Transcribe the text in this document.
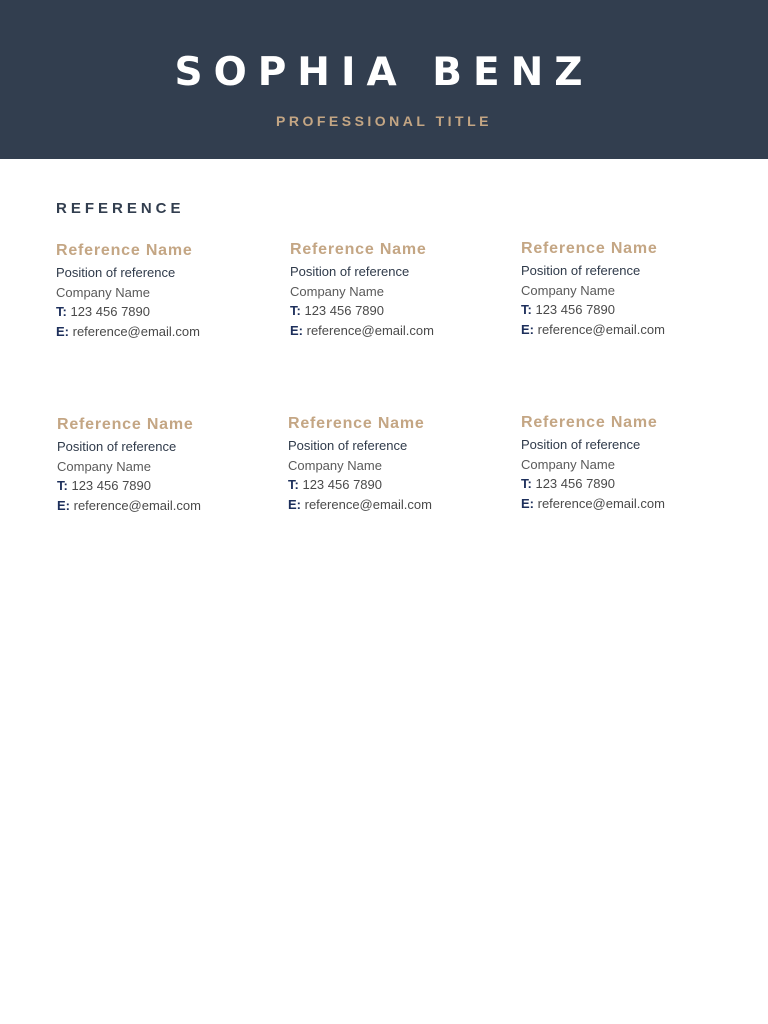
SOPHIA BENZ
PROFESSIONAL TITLE
REFERENCE
Reference Name
Position of reference
Company Name
T: 123 456 7890
E: reference@email.com
Reference Name
Position of reference
Company Name
T: 123 456 7890
E: reference@email.com
Reference Name
Position of reference
Company Name
T: 123 456 7890
E: reference@email.com
Reference Name
Position of reference
Company Name
T: 123 456 7890
E: reference@email.com
Reference Name
Position of reference
Company Name
T: 123 456 7890
E: reference@email.com
Reference Name
Position of reference
Company Name
T: 123 456 7890
E: reference@email.com
